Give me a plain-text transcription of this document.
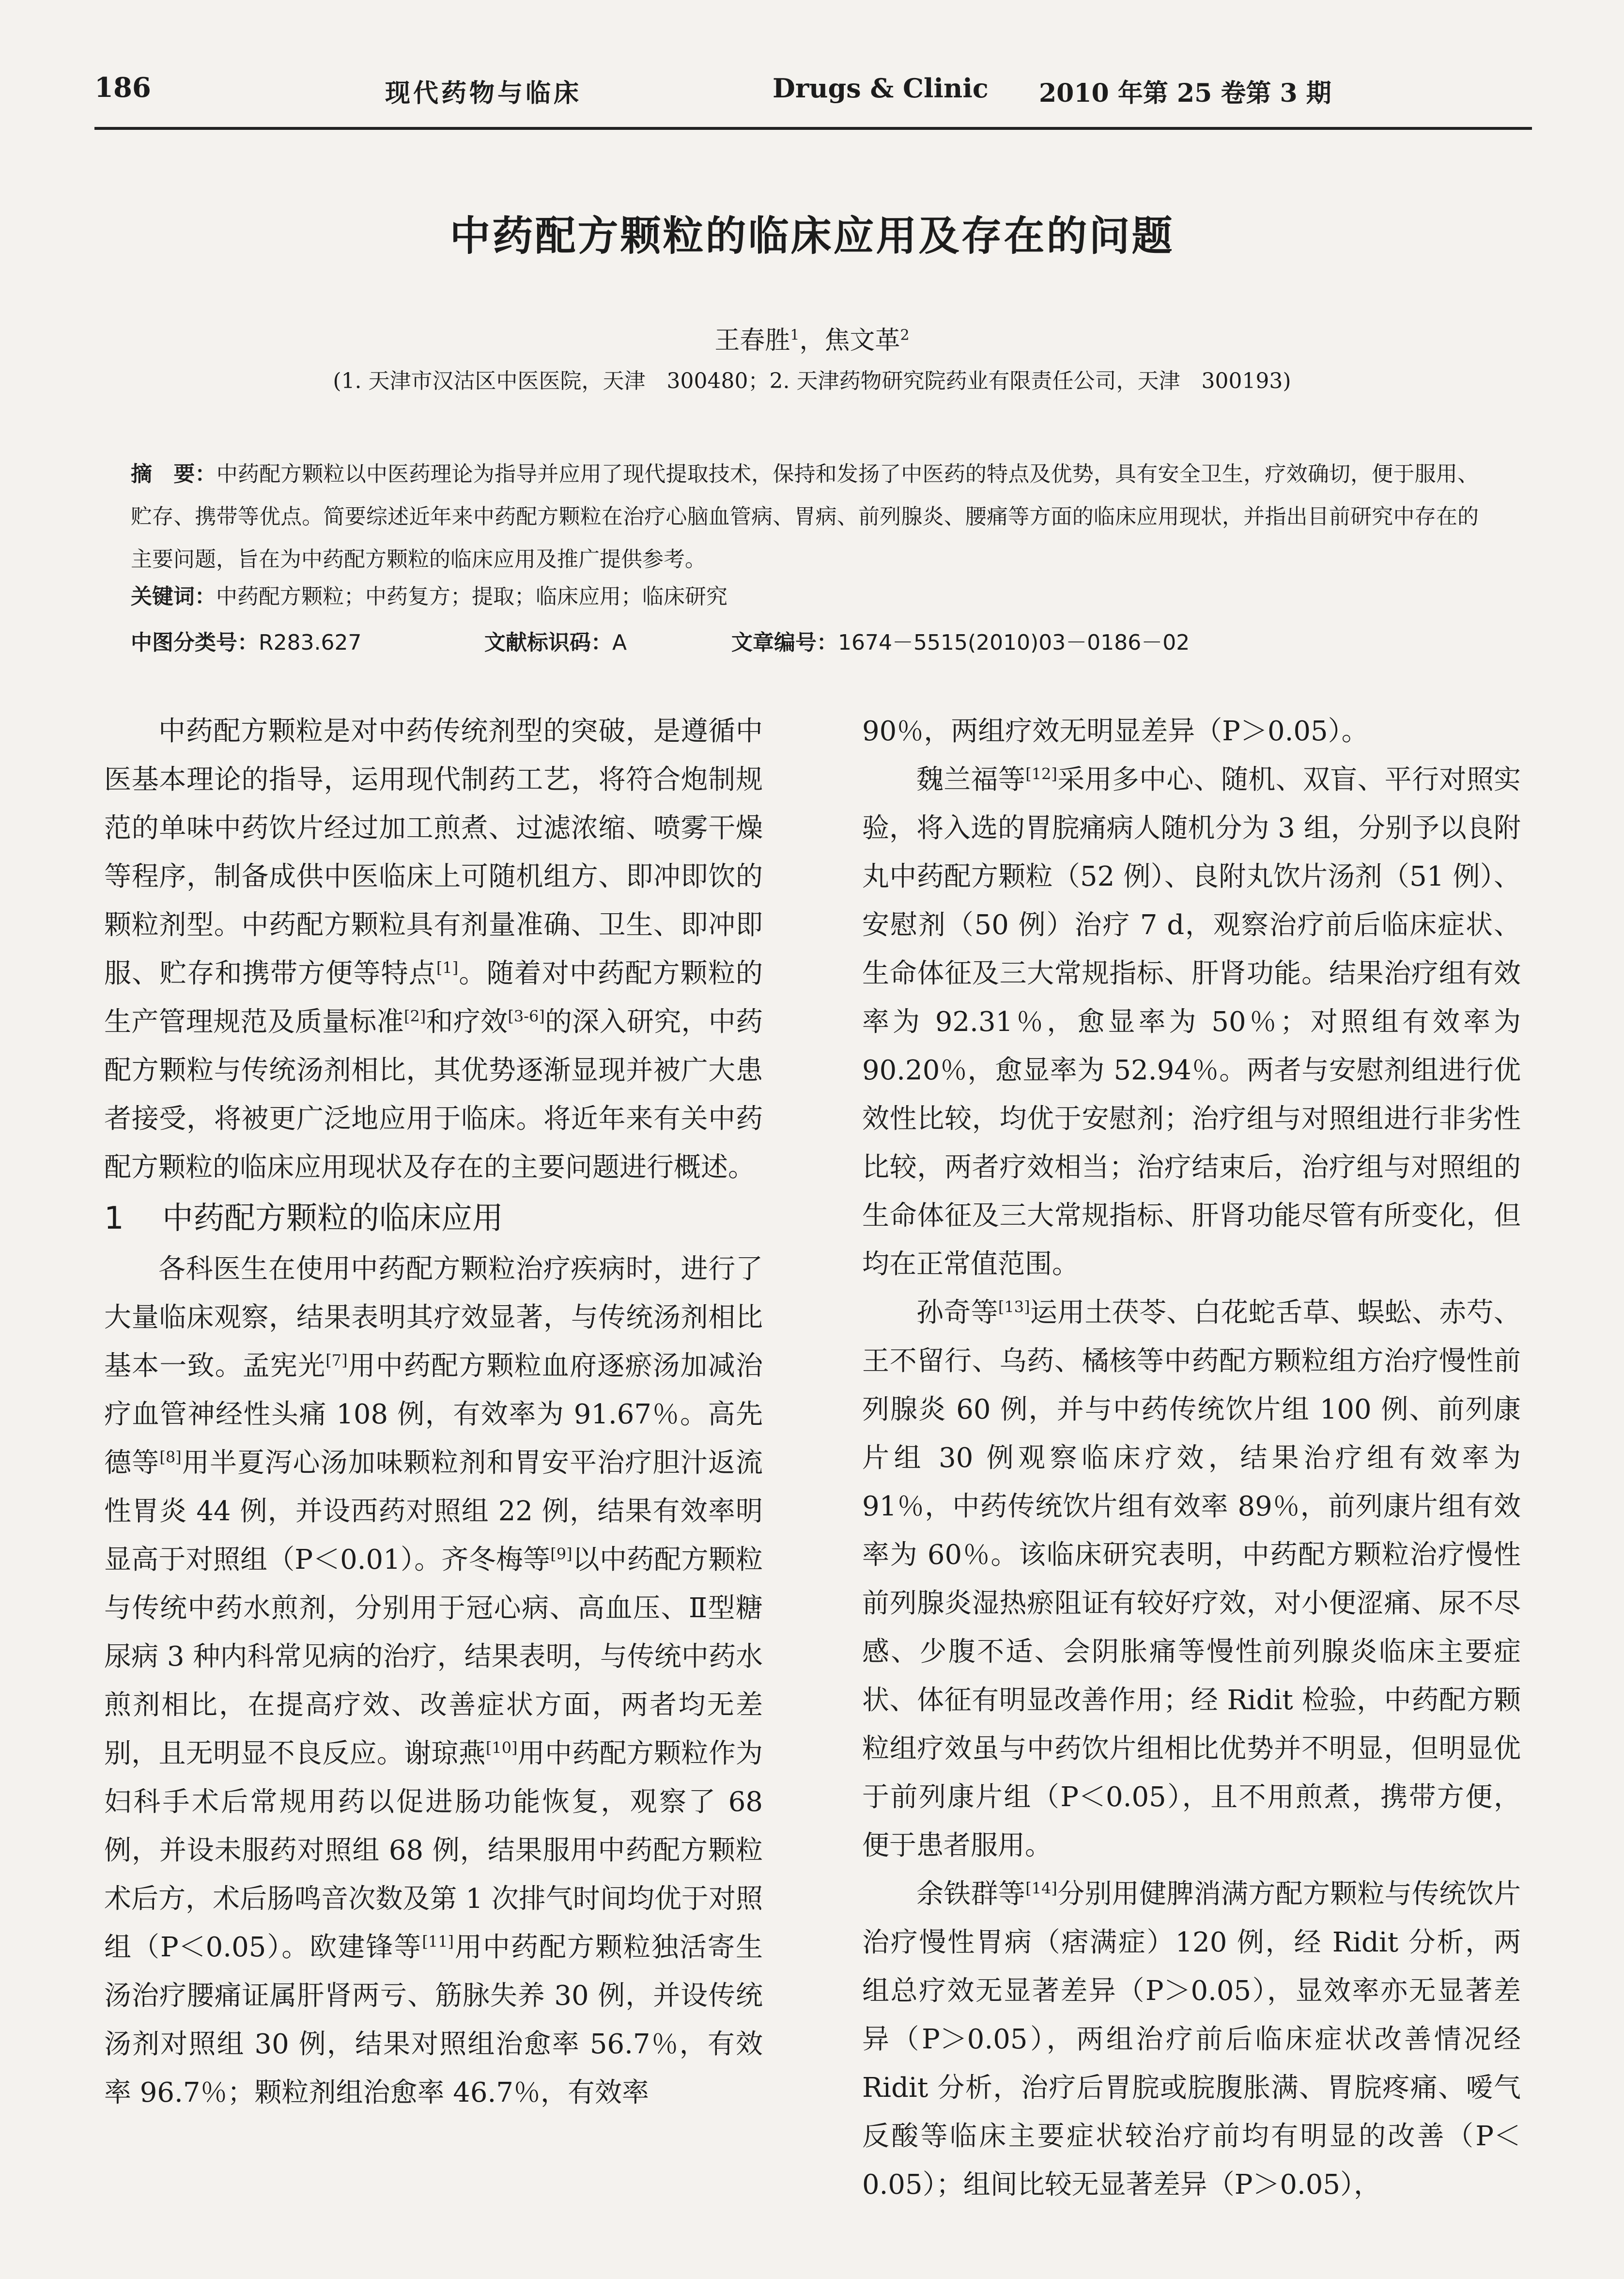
186	现代药物与临床	Drugs & Clinic 2010 年第 25 卷第 3 期
中药配方颗粒的临床应用及存在的问题
王春胜$^1$，焦文革$^2$
(1. 天津市汉沽区中医医院，天津　300480；2. 天津药物研究院药业有限责任公司，天津　300193)
摘　要：中药配方颗粒以中医药理论为指导并应用了现代提取技术，保持和发扬了中医药的特点及优势，具有安全卫生，疗效确切，便于服用、贮存、携带等优点。简要综述近年来中药配方颗粒在治疗心脑血管病、胃病、前列腺炎、腰痛等方面的临床应用现状，并指出目前研究中存在的主要问题，旨在为中药配方颗粒的临床应用及推广提供参考。
关键词：中药配方颗粒；中药复方；提取；临床应用；临床研究
中图分类号：R283.627	文献标识码：A	文章编号：1674－5515(2010)03－0186－02

中药配方颗粒是对中药传统剂型的突破，是遵循中医基本理论的指导，运用现代制药工艺，将符合炮制规范的单味中药饮片经过加工煎煮、过滤浓缩、喷雾干燥等程序，制备成供中医临床上可随机组方、即冲即饮的颗粒剂型。中药配方颗粒具有剂量准确、卫生、即冲即服、贮存和携带方便等特点[1]。随着对中药配方颗粒的生产管理规范及质量标准[2]和疗效[3-6]的深入研究，中药配方颗粒与传统汤剂相比，其优势逐渐显现并被广大患者接受，将被更广泛地应用于临床。将近年来有关中药配方颗粒的临床应用现状及存在的主要问题进行概述。

1 中药配方颗粒的临床应用

各科医生在使用中药配方颗粒治疗疾病时，进行了大量临床观察，结果表明其疗效显著，与传统汤剂相比基本一致。孟宪光[7]用中药配方颗粒血府逐瘀汤加减治疗血管神经性头痛 108 例，有效率为 91.67％。高先德等[8]用半夏泻心汤加味颗粒剂和胃安平治疗胆汁返流性胃炎 44 例，并设西药对照组 22 例，结果有效率明显高于对照组（P＜0.01）。齐冬梅等[9]以中药配方颗粒与传统中药水煎剂，分别用于冠心病、高血压、Ⅱ型糖尿病 3 种内科常见病的治疗，结果表明，与传统中药水煎剂相比，在提高疗效、改善症状方面，两者均无差别，且无明显不良反应。谢琼燕[10]用中药配方颗粒作为妇科手术后常规用药以促进肠功能恢复，观察了 68 例，并设未服药对照组 68 例，结果服用中药配方颗粒术后方，术后肠鸣音次数及第 1 次排气时间均优于对照组（P＜0.05）。欧建锋等[11]用中药配方颗粒独活寄生汤治疗腰痛证属肝肾两亏、筋脉失养 30 例，并设传统汤剂对照组 30 例，结果对照组治愈率 56.7％，有效率 96.7％；颗粒剂组治愈率 46.7％，有效率

90％，两组疗效无明显差异（P＞0.05）。

魏兰福等[12]采用多中心、随机、双盲、平行对照实验，将入选的胃脘痛病人随机分为 3 组，分别予以良附丸中药配方颗粒（52 例）、良附丸饮片汤剂（51 例）、安慰剂（50 例）治疗 7 d，观察治疗前后临床症状、生命体征及三大常规指标、肝肾功能。结果治疗组有效率为 92.31％，愈显率为 50％；对照组有效率为 90.20％，愈显率为 52.94％。两者与安慰剂组进行优效性比较，均优于安慰剂；治疗组与对照组进行非劣性比较，两者疗效相当；治疗结束后，治疗组与对照组的生命体征及三大常规指标、肝肾功能尽管有所变化，但均在正常值范围。

孙奇等[13]运用土茯苓、白花蛇舌草、蜈蚣、赤芍、王不留行、乌药、橘核等中药配方颗粒组方治疗慢性前列腺炎 60 例，并与中药传统饮片组 100 例、前列康片组 30 例观察临床疗效，结果治疗组有效率为 91％，中药传统饮片组有效率 89％，前列康片组有效率为 60％。该临床研究表明，中药配方颗粒治疗慢性前列腺炎湿热瘀阻证有较好疗效，对小便涩痛、尿不尽感、少腹不适、会阴胀痛等慢性前列腺炎临床主要症状、体征有明显改善作用；经 Ridit 检验，中药配方颗粒组疗效虽与中药饮片组相比优势并不明显，但明显优于前列康片组（P＜0.05），且不用煎煮，携带方便，便于患者服用。

余铁群等[14]分别用健脾消满方配方颗粒与传统饮片治疗慢性胃病（痞满症）120 例，经 Ridit 分析，两组总疗效无显著差异（P＞0.05），显效率亦无显著差异（P＞0.05），两组治疗前后临床症状改善情况经 Ridit 分析，治疗后胃脘或脘腹胀满、胃脘疼痛、嗳气反酸等临床主要症状较治疗前均有明显的改善（P＜0.05）；组间比较无显著差异（P＞0.05），
